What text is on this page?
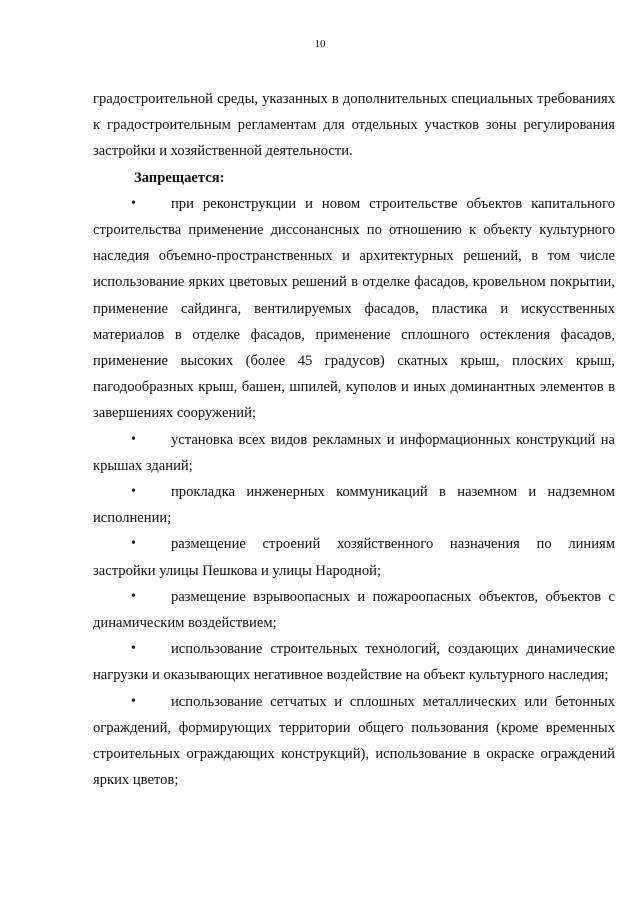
10

градостроительной среды, указанных в дополнительных специальных требованиях к градостроительным регламентам для отдельных участков зоны регулирования застройки и хозяйственной деятельности.

Запрещается:

• при реконструкции и новом строительстве объектов капитального строительства применение диссонансных по отношению к объекту культурного наследия объемно-пространственных и архитектурных решений, в том числе использование ярких цветовых решений в отделке фасадов, кровельном покрытии, применение сайдинга, вентилируемых фасадов, пластика и искусственных материалов в отделке фасадов, применение сплошного остекления фасадов, применение высоких (более 45 градусов) скатных крыш, плоских крыш, пагодообразных крыш, башен, шпилей, куполов и иных доминантных элементов в завершениях сооружений;

• установка всех видов рекламных и информационных конструкций на крышах зданий;

• прокладка инженерных коммуникаций в наземном и надземном исполнении;

• размещение строений хозяйственного назначения по линиям застройки улицы Пешкова и улицы Народной;

• размещение взрывоопасных и пожароопасных объектов, объектов с динамическим воздействием;

• использование строительных технологий, создающих динамические нагрузки и оказывающих негативное воздействие на объект культурного наследия;

• использование сетчатых и сплошных металлических или бетонных ограждений, формирующих территории общего пользования (кроме временных строительных ограждающих конструкций), использование в окраске ограждений ярких цветов;
